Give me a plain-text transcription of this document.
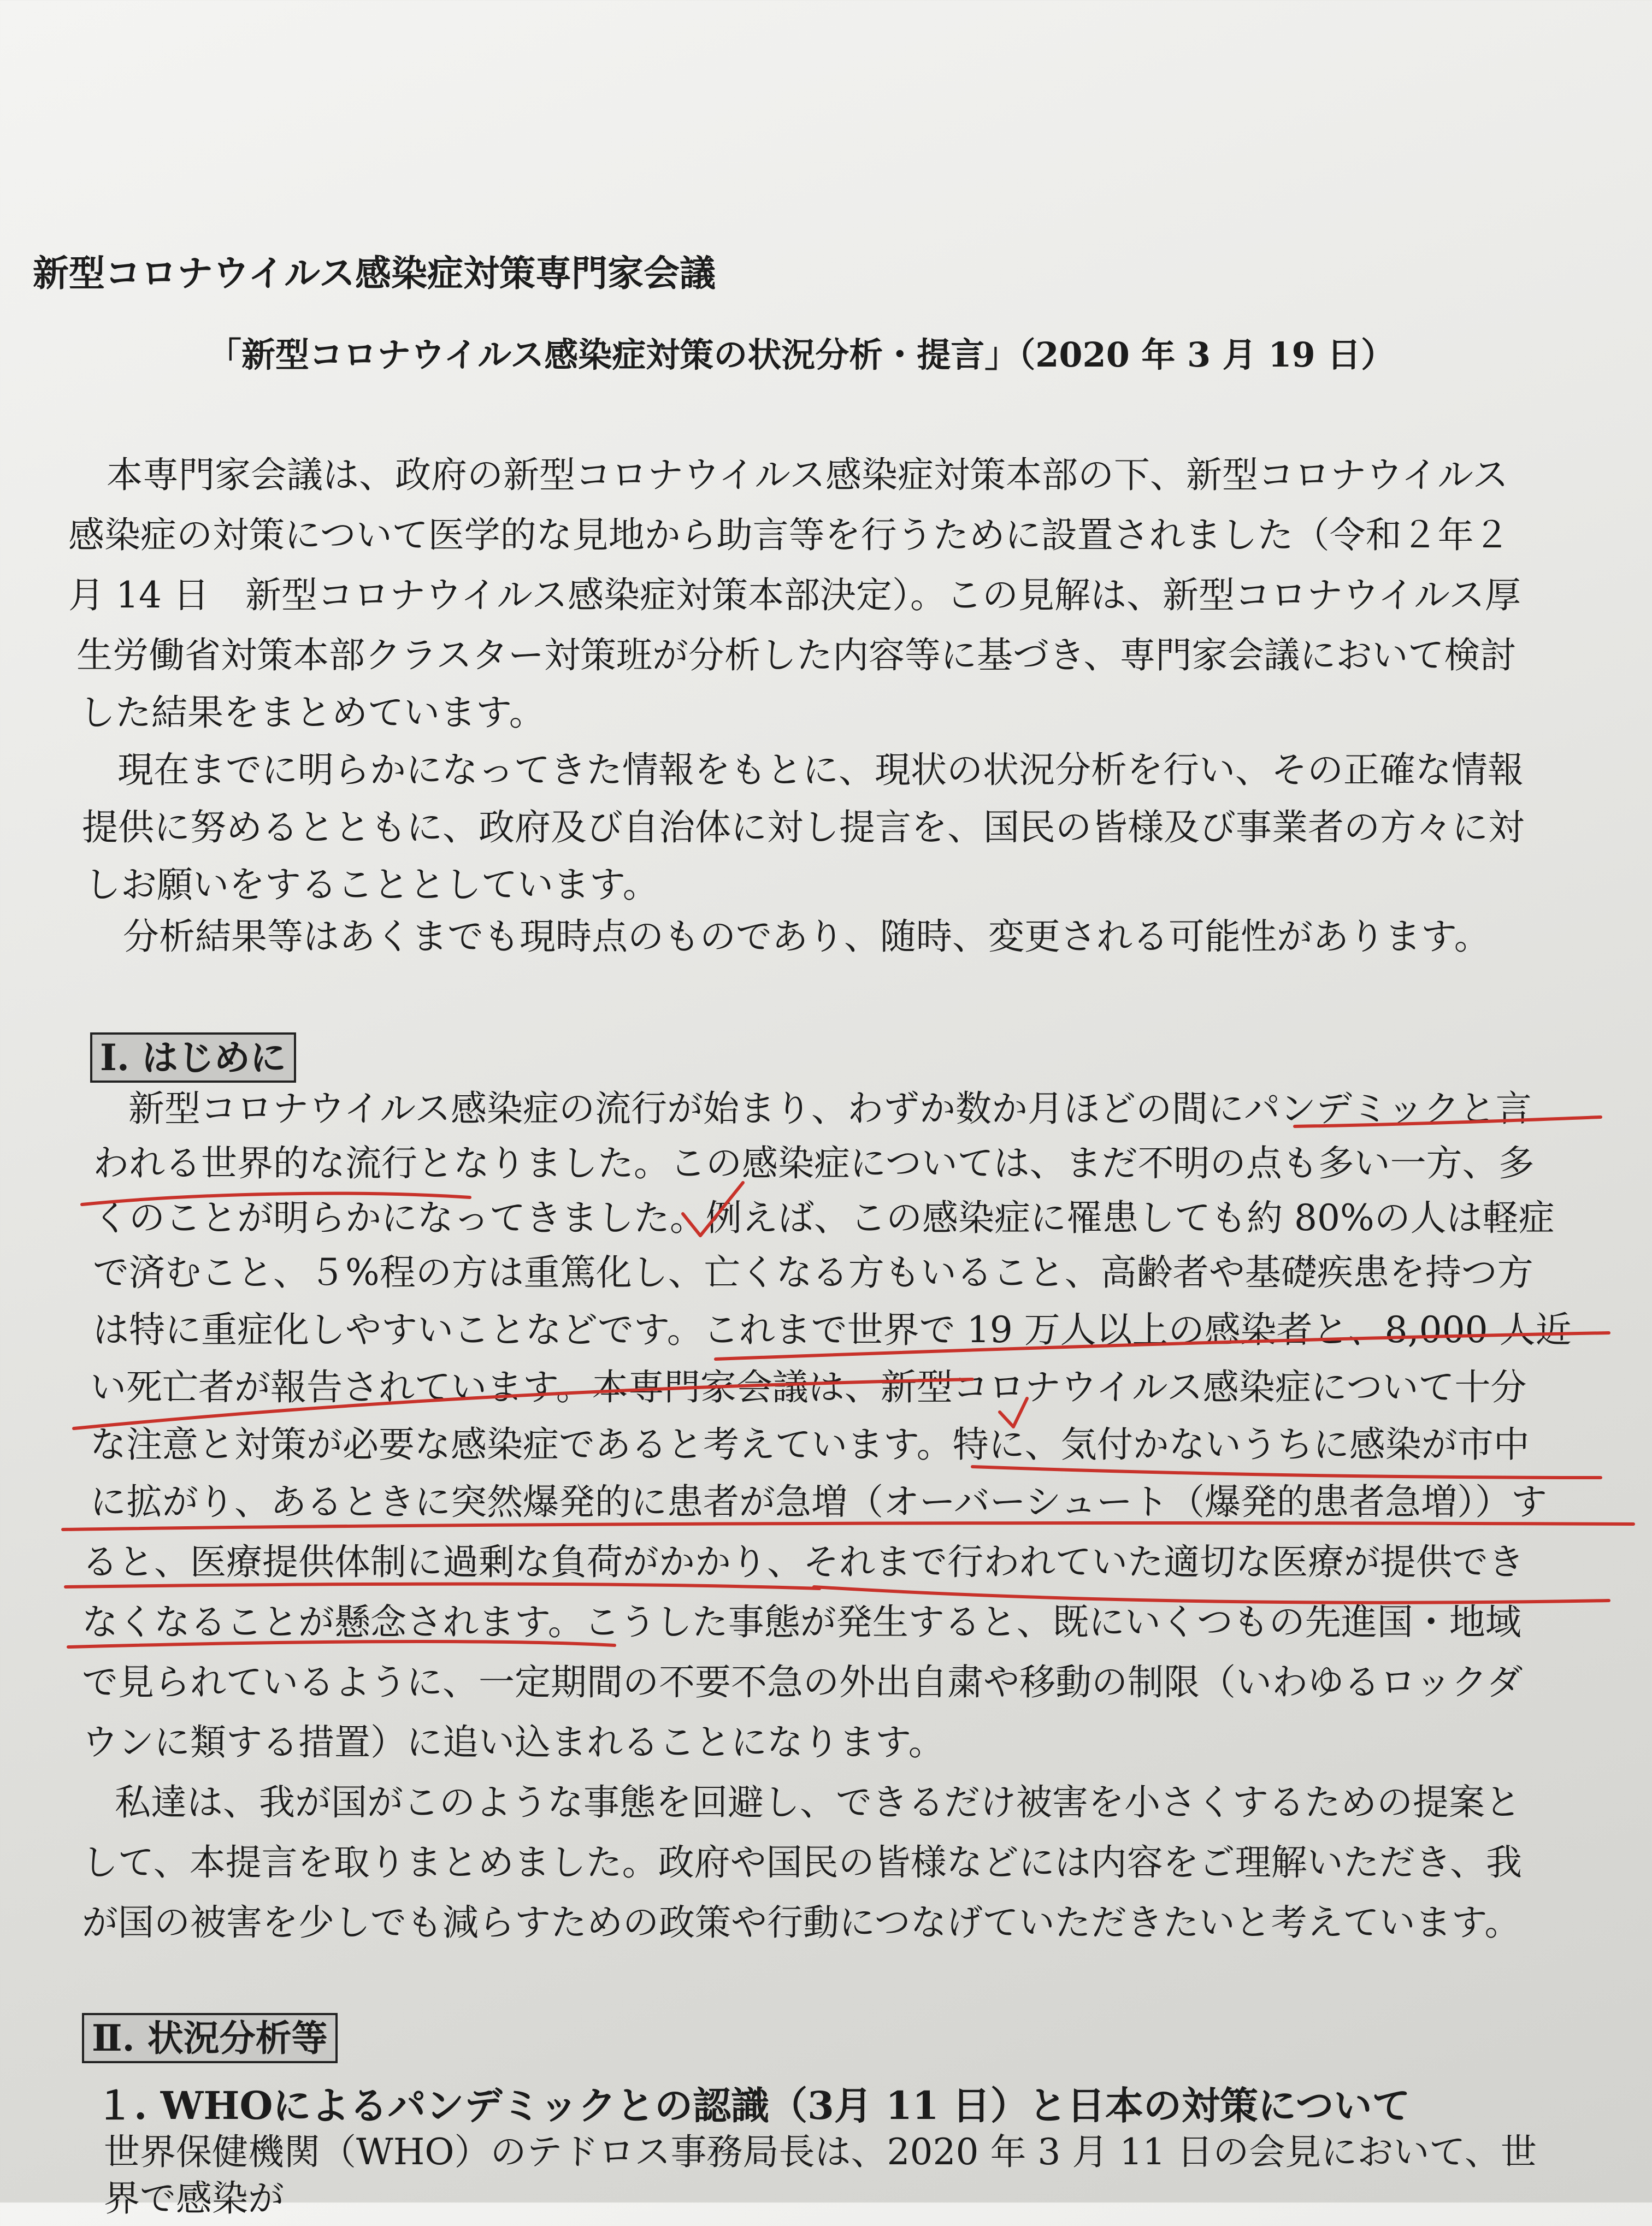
新型コロナウイルス感染症対策専門家会議
「新型コロナウイルス感染症対策の状況分析・提言」（2020 年 3 月 19 日）
本専門家会議は、政府の新型コロナウイルス感染症対策本部の下、新型コロナウイルス
感染症の対策について医学的な見地から助言等を行うために設置されました（令和２年２
月 14 日　新型コロナウイルス感染症対策本部決定）。この見解は、新型コロナウイルス厚
生労働省対策本部クラスター対策班が分析した内容等に基づき、専門家会議において検討
した結果をまとめています。
現在までに明らかになってきた情報をもとに、現状の状況分析を行い、その正確な情報
提供に努めるとともに、政府及び自治体に対し提言を、国民の皆様及び事業者の方々に対
しお願いをすることとしています。
分析結果等はあくまでも現時点のものであり、随時、変更される可能性があります。
Ⅰ. はじめに
新型コロナウイルス感染症の流行が始まり、わずか数か月ほどの間にパンデミックと言
われる世界的な流行となりました。この感染症については、まだ不明の点も多い一方、多
くのことが明らかになってきました。例えば、この感染症に罹患しても約 80%の人は軽症
で済むこと、５%程の方は重篤化し、亡くなる方もいること、高齢者や基礎疾患を持つ方
は特に重症化しやすいことなどです。これまで世界で 19 万人以上の感染者と、8,000 人近
い死亡者が報告されています。本専門家会議は、新型コロナウイルス感染症について十分
な注意と対策が必要な感染症であると考えています。特に、気付かないうちに感染が市中
に拡がり、あるときに突然爆発的に患者が急増（オーバーシュート（爆発的患者急増））す
ると、医療提供体制に過剰な負荷がかかり、それまで行われていた適切な医療が提供でき
なくなることが懸念されます。こうした事態が発生すると、既にいくつもの先進国・地域
で見られているように、一定期間の不要不急の外出自粛や移動の制限（いわゆるロックダ
ウンに類する措置）に追い込まれることになります。
私達は、我が国がこのような事態を回避し、できるだけ被害を小さくするための提案と
して、本提言を取りまとめました。政府や国民の皆様などには内容をご理解いただき、我
が国の被害を少しでも減らすための政策や行動につなげていただきたいと考えています。
Ⅱ. 状況分析等
１. WHOによるパンデミックとの認識（3月 11 日）と日本の対策について
世界保健機関（WHO）のテドロス事務局長は、2020 年 3 月 11 日の会見において、世
界で感染が
